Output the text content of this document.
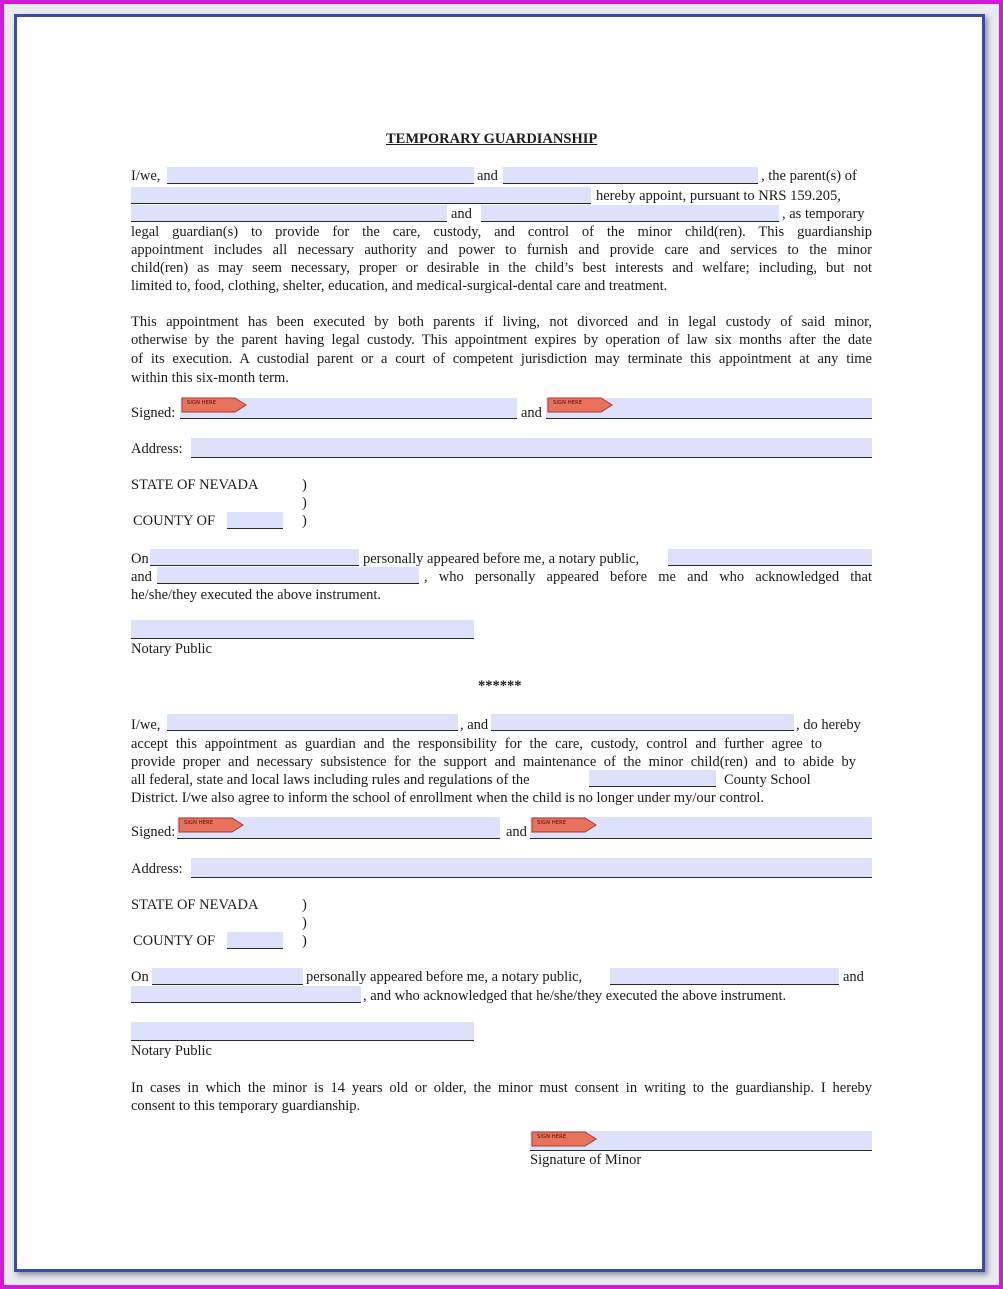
TEMPORARY GUARDIANSHIP
I/we,	and	, the parent(s) of
hereby appoint, pursuant to NRS 159.205,
and	, as temporary
legal guardian(s) to provide for the care, custody, and control of the minor child(ren). This guardianship
appointment includes all necessary authority and power to furnish and provide care and services to the minor
child(ren) as may seem necessary, proper or desirable in the child’s best interests and welfare; including, but not
limited to, food, clothing, shelter, education, and medical-surgical-dental care and treatment.
This appointment has been executed by both parents if living, not divorced and in legal custody of said minor,
otherwise by the parent having legal custody. This appointment expires by operation of law six months after the date
of its execution. A custodial parent or a court of competent jurisdiction may terminate this appointment at any time
within this six-month term.
Signed:
SIGN HERE
and
SIGN HERE
Address:
STATE OF NEVADA	)
)
COUNTY OF	)
On	personally appeared before me, a notary public,
and	, who personally appeared before me and who acknowledged that
he/she/they executed the above instrument.
Notary Public
******
I/we,	, and	, do hereby
accept this appointment as guardian and the responsibility for the care, custody, control and further agree to
provide proper and necessary subsistence for the support and maintenance of the minor child(ren) and to abide by
all federal, state and local laws including rules and regulations of the	County School
District. I/we also agree to inform the school of enrollment when the child is no longer under my/our control.
Signed:
SIGN HERE
and
SIGN HERE
Address:
STATE OF NEVADA	)
)
COUNTY OF	)
On	personally appeared before me, a notary public,	and
, and who acknowledged that he/she/they executed the above instrument.
Notary Public
In cases in which the minor is 14 years old or older, the minor must consent in writing to the guardianship. I hereby
consent to this temporary guardianship.
SIGN HERE
Signature of Minor
